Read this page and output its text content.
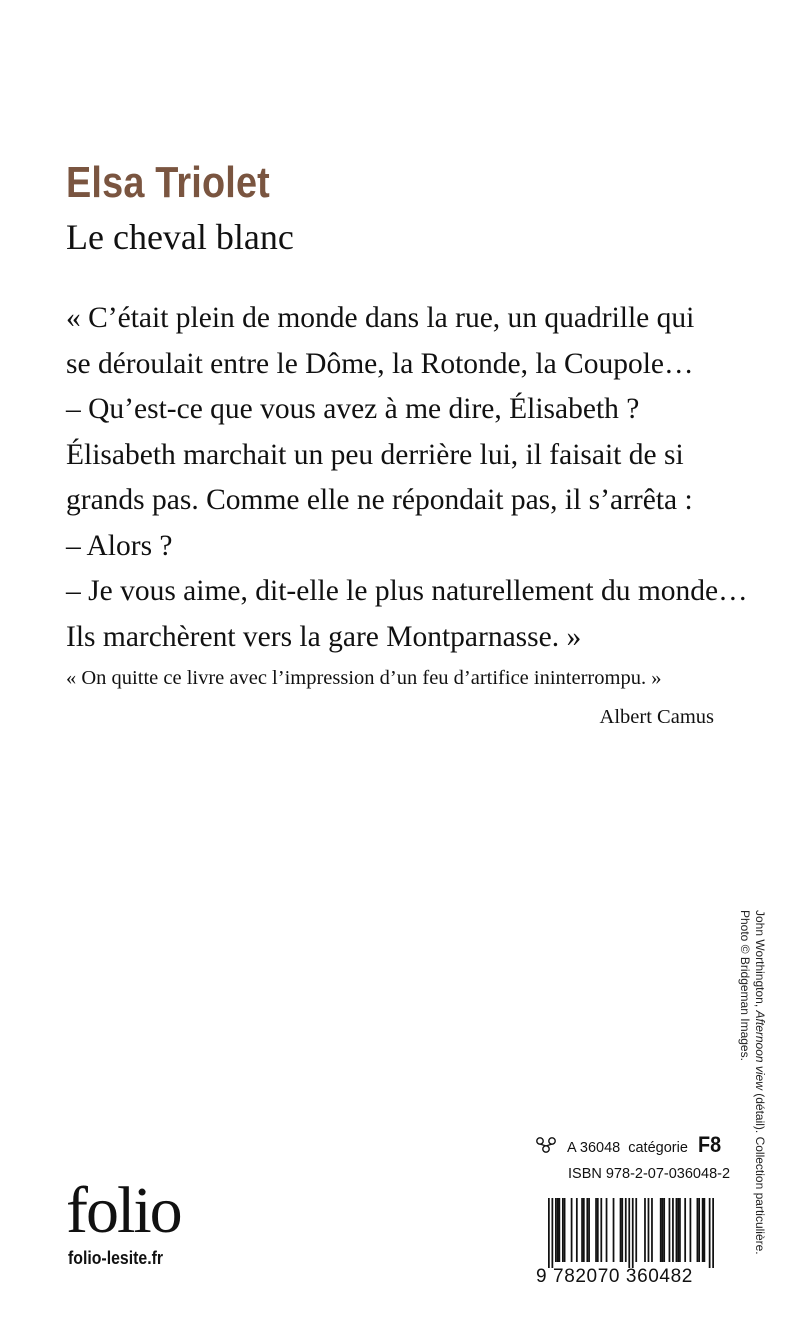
Elsa Triolet
Le cheval blanc
« C’était plein de monde dans la rue, un quadrille qui
se déroulait entre le Dôme, la Rotonde, la Coupole…
– Qu’est-ce que vous avez à me dire, Élisabeth ?
Élisabeth marchait un peu derrière lui, il faisait de si
grands pas. Comme elle ne répondait pas, il s’arrêta :
– Alors ?
– Je vous aime, dit-elle le plus naturellement du monde…
Ils marchèrent vers la gare Montparnasse. »
« On quitte ce livre avec l’impression d’un feu d’artifice ininterrompu. »
Albert Camus
John Worthington, Afternoon view (détail). Collection particulière.
Photo © Bridgeman Images.
A 36048 catégorie F8
ISBN 978-2-07-036048-2
9 782070 360482
folio
folio-lesite.fr
